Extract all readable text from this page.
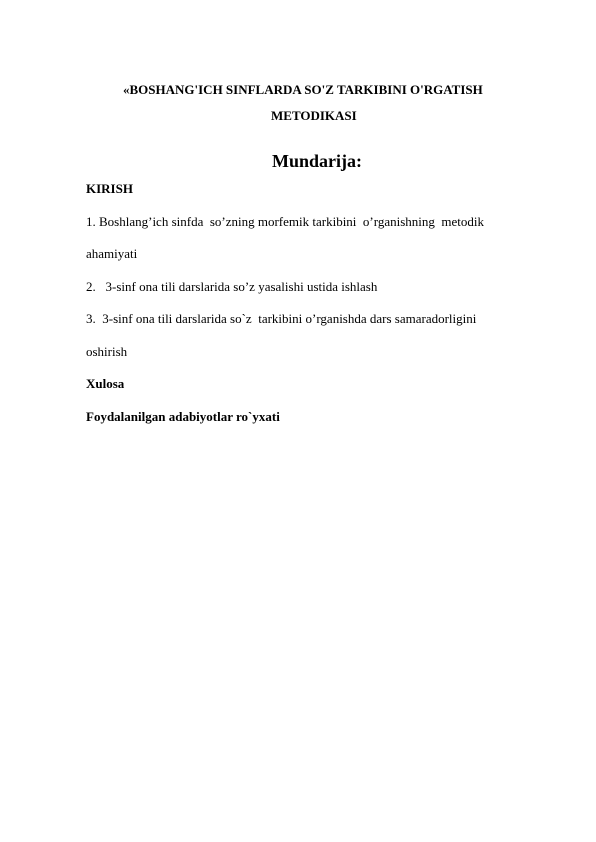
«BOSHANG'ICH SINFLARDA SO'Z TARKIBINI O'RGATISH
METODIKASI
Mundarija:
KIRISH
1. Boshlang’ich sinfda  so’zning morfemik tarkibini  o’rganishning  metodik
ahamiyati
2.   3-sinf ona tili darslarida so’z yasalishi ustida ishlash
3.  3-sinf ona tili darslarida so`z  tarkibini o’rganishda dars samaradorligini
oshirish
Xulosa
Foydalanilgan adabiyotlar ro`yxati
